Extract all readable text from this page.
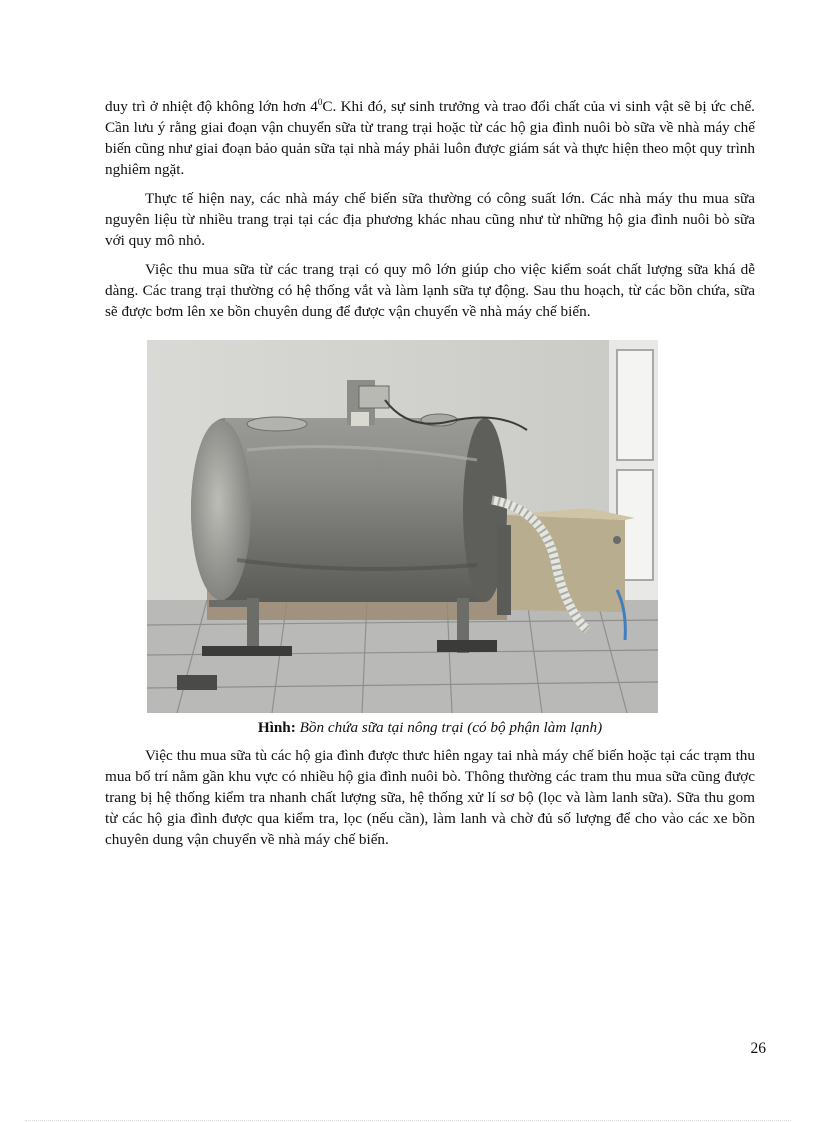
duy trì ở nhiệt độ không lớn hơn $4^0C$. Khi đó, sự sinh trưởng và trao đổi chất của vi sinh vật sẽ bị ức chế. Cần lưu ý rằng giai đoạn vận chuyển sữa từ trang trại hoặc từ các hộ gia đình nuôi bò sữa về nhà máy chế biến cũng như giai đoạn bảo quản sữa tại nhà máy phải luôn được giám sát và thực hiện theo một quy trình nghiêm ngặt.

Thực tế hiện nay, các nhà máy chế biến sữa thường có công suất lớn. Các nhà máy thu mua sữa nguyên liệu từ nhiều trang trại tại các địa phương khác nhau cũng như từ những hộ gia đình nuôi bò sữa với quy mô nhỏ.

Việc thu mua sữa từ các trang trại có quy mô lớn giúp cho việc kiểm soát chất lượng sữa khá dễ dàng. Các trang trại thường có hệ thống vắt và làm lạnh sữa tự động. Sau thu hoạch, từ các bồn chứa, sữa sẽ được bơm lên xe bồn chuyên dung để được vận chuyển về nhà máy chế biến.

Hình: Bồn chứa sữa tại nông trại (có bộ phận làm lạnh)

Việc thu mua sữa tù các hộ gia đình được thưc hiên ngay tai nhà máy chế biến hoặc tại các trạm thu mua bố trí nằm gần khu vực có nhiều hộ gia đình nuôi bò. Thông thường các tram thu mua sữa cũng được trang bị hệ thống kiểm tra nhanh chất lượng sữa, hệ thống xử lí sơ bộ (lọc và làm lanh sữa). Sữa thu gom từ các hộ gia đình được qua kiểm tra, lọc (nếu cần), làm lanh và chờ đủ số lượng để cho vào các xe bồn chuyên dung vận chuyển về nhà máy chế biến.

26
